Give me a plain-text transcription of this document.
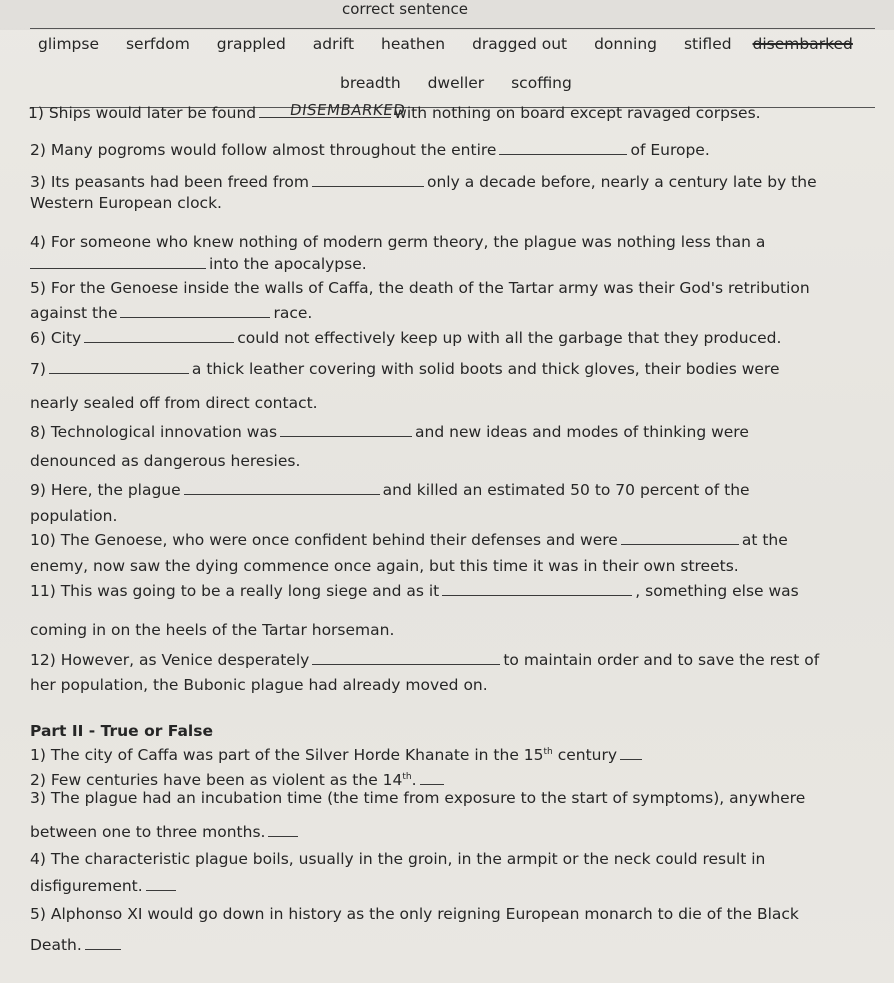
correct sentence
glimpse serfdom grappled adrift heathen dragged out donning stifled disembarked
breadth dweller scoffing
1) Ships would later be found	with nothing on board except ravaged corpses.
DISEMBARKED
2) Many pogroms would follow almost throughout the entire	of Europe.
3) Its peasants had been freed from	only a decade before, nearly a century late by the
Western European clock.
4) For someone who knew nothing of modern germ theory, the plague was nothing less than a
into the apocalypse.
5) For the Genoese inside the walls of Caffa, the death of the Tartar army was their God's retribution
against the	race.
6) City	could not effectively keep up with all the garbage that they produced.
7)	a thick leather covering with solid boots and thick gloves, their bodies were
nearly sealed off from direct contact.
8) Technological innovation was	and new ideas and modes of thinking were
denounced as dangerous heresies.
9) Here, the plague	and killed an estimated 50 to 70 percent of the
population.
10) The Genoese, who were once confident behind their defenses and were	at the
enemy, now saw the dying commence once again, but this time it was in their own streets.
11) This was going to be a really long siege and as it	, something else was
coming in on the heels of the Tartar horseman.
12) However, as Venice desperately	to maintain order and to save the rest of
her population, the Bubonic plague had already moved on.
Part II - True or False
1) The city of Caffa was part of the Silver Horde Khanate in the 15th century
2) Few centuries have been as violent as the 14th.
3) The plague had an incubation time (the time from exposure to the start of symptoms), anywhere
between one to three months.
4) The characteristic plague boils, usually in the groin, in the armpit or the neck could result in
disfigurement.
5) Alphonso XI would go down in history as the only reigning European monarch to die of the Black
Death.
